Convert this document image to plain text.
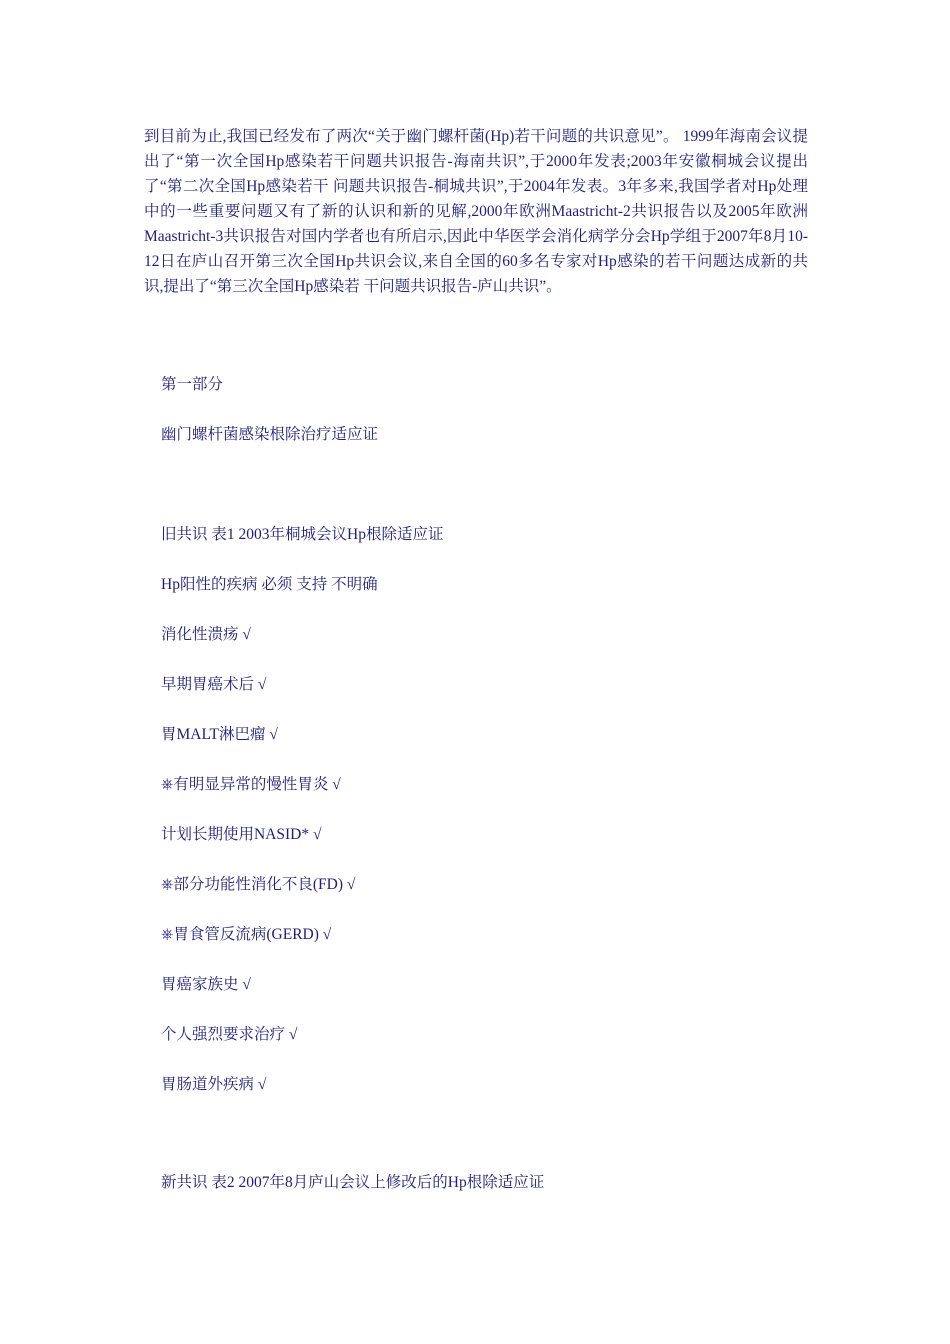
到目前为止,我国已经发布了两次“关于幽门螺杆菌(Hp)若干问题的共识意见”。 1999年海南会议提出了“第一次全国Hp感染若干问题共识报告-海南共识”,于2000年发表;2003年安徽桐城会议提出了“第二次全国Hp感染若干 问题共识报告-桐城共识”,于2004年发表。3年多来,我国学者对Hp处理中的一些重要问题又有了新的认识和新的见解,2000年欧洲Maastricht-2共识报告以及2005年欧洲Maastricht-3共识报告对国内学者也有所启示,因此中华医学会消化病学分会Hp学组于2007年8月10-12日在庐山召开第三次全国Hp共识会议,来自全国的60多名专家对Hp感染的若干问题达成新的共识,提出了“第三次全国Hp感染若 干问题共识报告-庐山共识”。

第一部分

幽门螺杆菌感染根除治疗适应证

旧共识 表1 2003年桐城会议Hp根除适应证

Hp阳性的疾病 必须 支持 不明确

消化性溃疡 √

早期胃癌术后 √

胃MALT淋巴瘤 √

⎈有明显异常的慢性胃炎 √

计划长期使用NASID* √

⎈部分功能性消化不良(FD) √

⎈胃食管反流病(GERD) √

胃癌家族史 √

个人强烈要求治疗 √

胃肠道外疾病 √

新共识 表2 2007年8月庐山会议上修改后的Hp根除适应证
